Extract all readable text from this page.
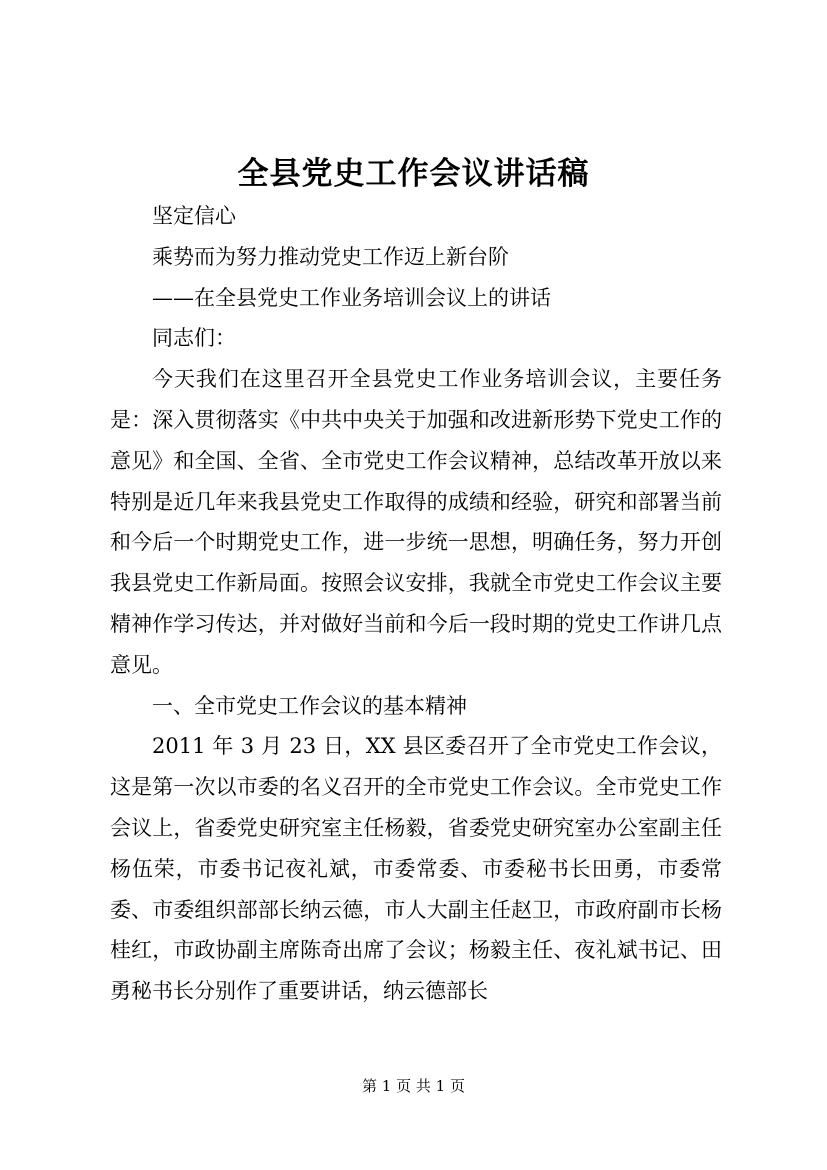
全县党史工作会议讲话稿

坚定信心

乘势而为努力推动党史工作迈上新台阶

——在全县党史工作业务培训会议上的讲话

同志们：

今天我们在这里召开全县党史工作业务培训会议，主要任务是：深入贯彻落实《中共中央关于加强和改进新形势下党史工作的意见》和全国、全省、全市党史工作会议精神，总结改革开放以来特别是近几年来我县党史工作取得的成绩和经验，研究和部署当前和今后一个时期党史工作，进一步统一思想，明确任务，努力开创我县党史工作新局面。按照会议安排，我就全市党史工作会议主要精神作学习传达，并对做好当前和今后一段时期的党史工作讲几点意见。

一、全市党史工作会议的基本精神

2011 年 3 月 23 日，XX 县区委召开了全市党史工作会议，这是第一次以市委的名义召开的全市党史工作会议。全市党史工作会议上，省委党史研究室主任杨毅，省委党史研究室办公室副主任杨伍荣，市委书记夜礼斌，市委常委、市委秘书长田勇，市委常委、市委组织部部长纳云德，市人大副主任赵卫，市政府副市长杨桂红，市政协副主席陈奇出席了会议；杨毅主任、夜礼斌书记、田勇秘书长分别作了重要讲话，纳云德部长

第 1 页 共 1 页
